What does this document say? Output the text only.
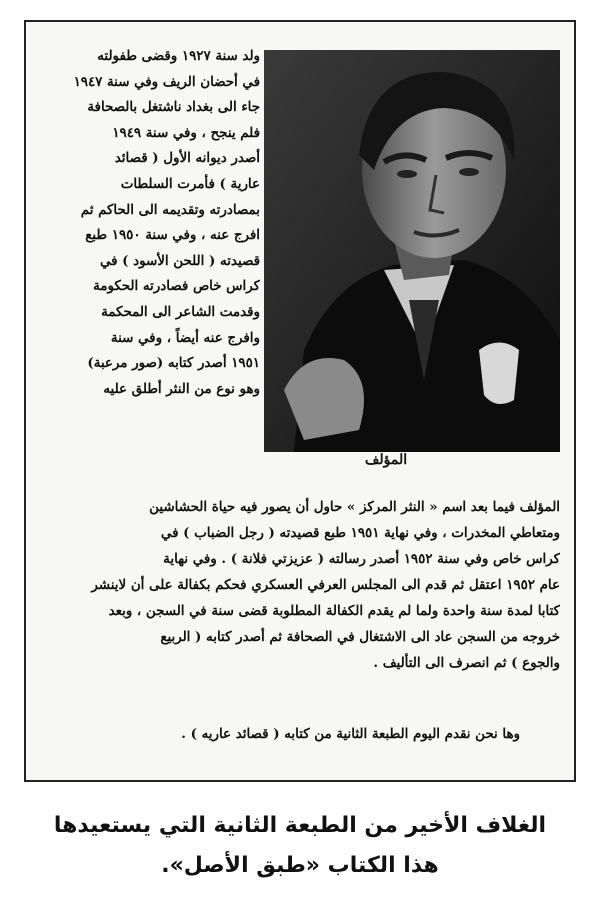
ولد سنة ١٩٢٧ وقضى طفولته
في أحضان الريف وفي سنة ١٩٤٧
جاء الى بغداد ناشتغل بالصحافة
فلم ينجح ، وفي سنة ١٩٤٩
أصدر ديوانه الأول ( قصائد
عارية ) فأمرت السلطات
بمصادرته وتقديمه الى الحاكم ثم
افرج عنه ، وفي سنة ١٩٥٠ طبع
قصيدته ( اللحن الأسود ) في
كراس خاص فصادرته الحكومة
وقدمت الشاعر الى المحكمة
وافرج عنه أيضاً ، وفي سنة
١٩٥١ أصدر كتابه (صور مرعبة)
وهو نوع من النثر أطلق عليه
المؤلف
المؤلف فيما بعد اسم « النثر المركز » حاول أن يصور فيه حياة الحشاشين
ومتعاطي المخدرات ، وفي نهاية ١٩٥١ طبع قصيدته ( رجل الضباب ) في
كراس خاص وفي سنة ١٩٥٢ أصدر رسالته ( عزيزتي فلانة ) . وفي نهاية
عام ١٩٥٢ اعتقل ثم قدم الى المجلس العرفي العسكري فحكم بكفالة على أن لاينشر
كتابا لمدة سنة واحدة ولما لم يقدم الكفالة المطلوبة قضى سنة في السجن ، وبعد
خروجه من السجن عاد الى الاشتغال في الصحافة ثم أصدر كتابه ( الربيع
والجوع ) ثم انصرف الى التأليف .
وها نحن نقدم اليوم الطبعة الثانية من كتابه ( قصائد عاريه ) .
الغلاف الأخير من الطبعة الثانية التي يستعيدها
هذا الكتاب «طبق الأصل».
